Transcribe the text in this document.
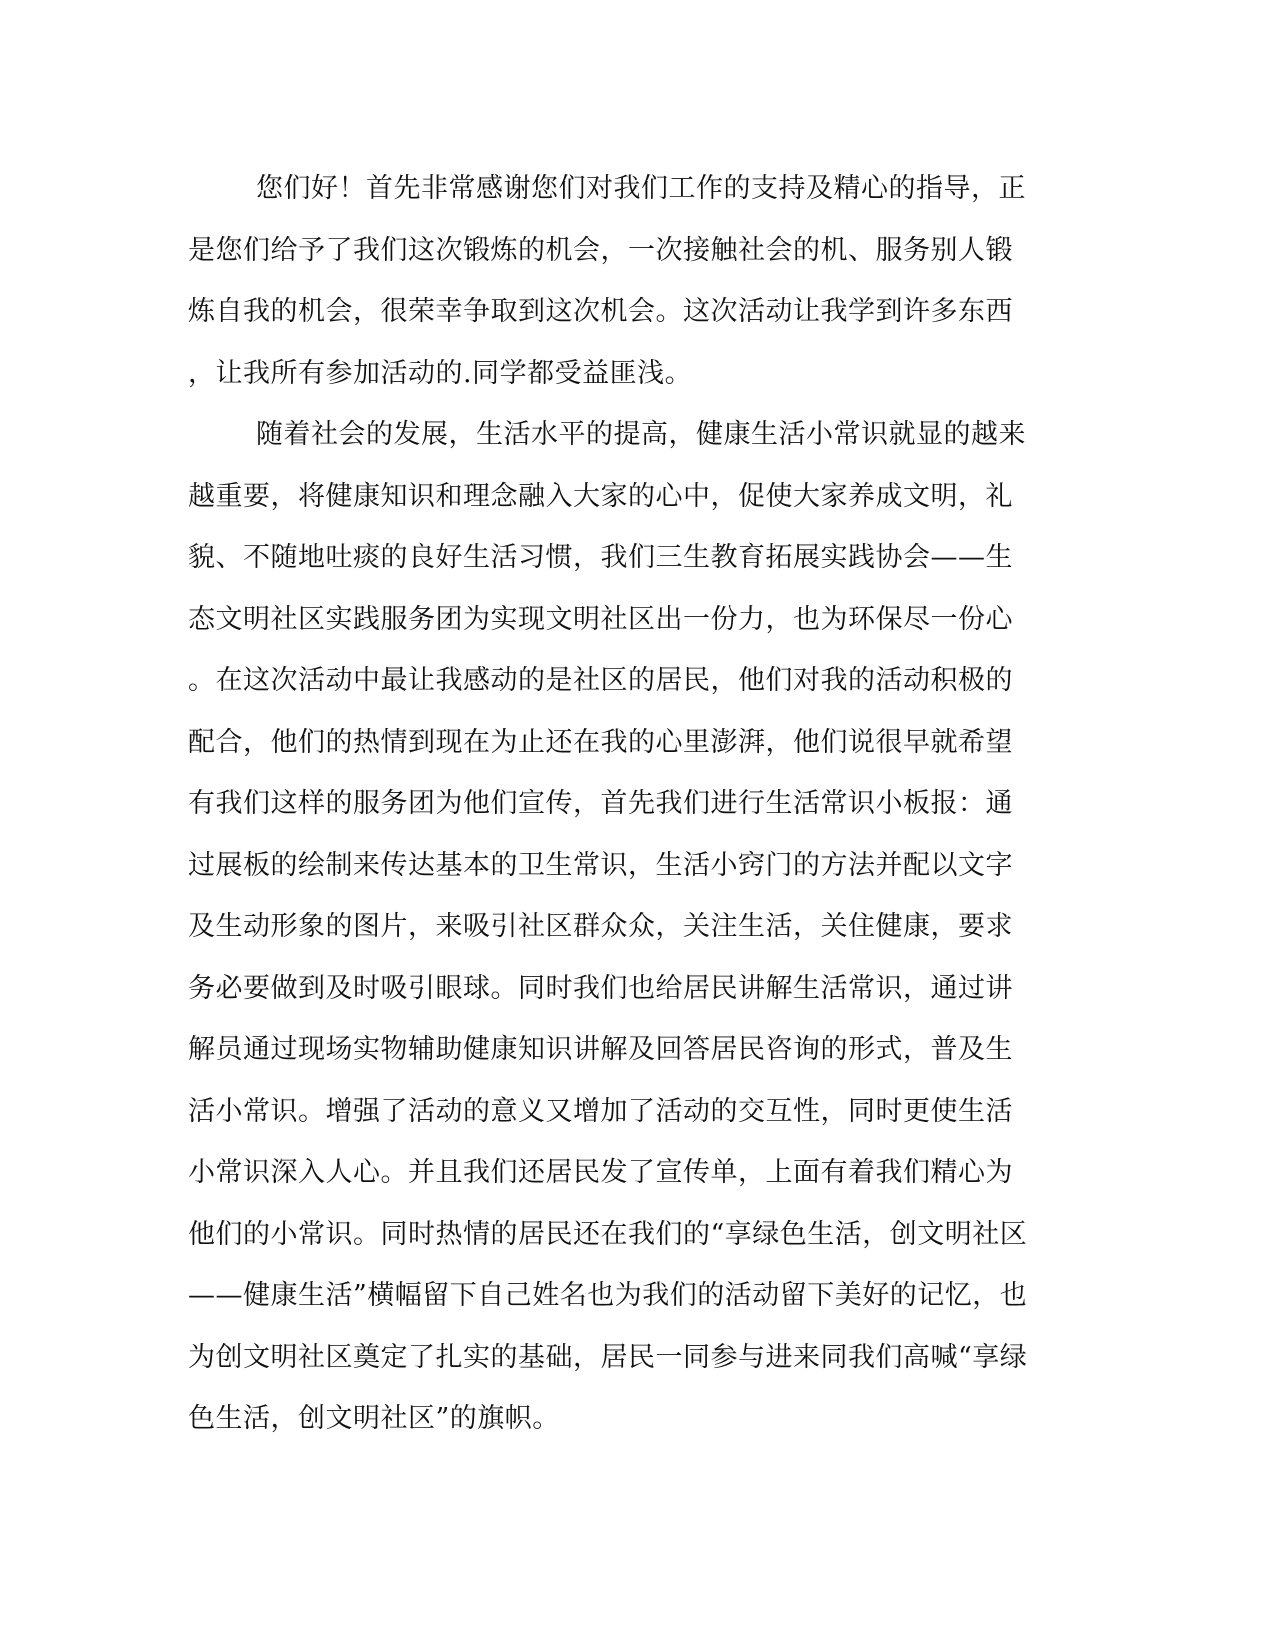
您们好！首先非常感谢您们对我们工作的支持及精心的指导，正
是您们给予了我们这次锻炼的机会，一次接触社会的机、服务别人锻
炼自我的机会，很荣幸争取到这次机会。这次活动让我学到许多东西
，让我所有参加活动的.同学都受益匪浅。
随着社会的发展，生活水平的提高，健康生活小常识就显的越来
越重要，将健康知识和理念融入大家的心中，促使大家养成文明，礼
貌、不随地吐痰的良好生活习惯，我们三生教育拓展实践协会——生
态文明社区实践服务团为实现文明社区出一份力，也为环保尽一份心
。在这次活动中最让我感动的是社区的居民，他们对我的活动积极的
配合，他们的热情到现在为止还在我的心里澎湃，他们说很早就希望
有我们这样的服务团为他们宣传，首先我们进行生活常识小板报：通
过展板的绘制来传达基本的卫生常识，生活小窍门的方法并配以文字
及生动形象的图片，来吸引社区群众众，关注生活，关住健康，要求
务必要做到及时吸引眼球。同时我们也给居民讲解生活常识，通过讲
解员通过现场实物辅助健康知识讲解及回答居民咨询的形式，普及生
活小常识。增强了活动的意义又增加了活动的交互性，同时更使生活
小常识深入人心。并且我们还居民发了宣传单，上面有着我们精心为
他们的小常识。同时热情的居民还在我们的“享绿色生活，创文明社区
——健康生活”横幅留下自己姓名也为我们的活动留下美好的记忆，也
为创文明社区奠定了扎实的基础，居民一同参与进来同我们高喊“享绿
色生活，创文明社区”的旗帜。
